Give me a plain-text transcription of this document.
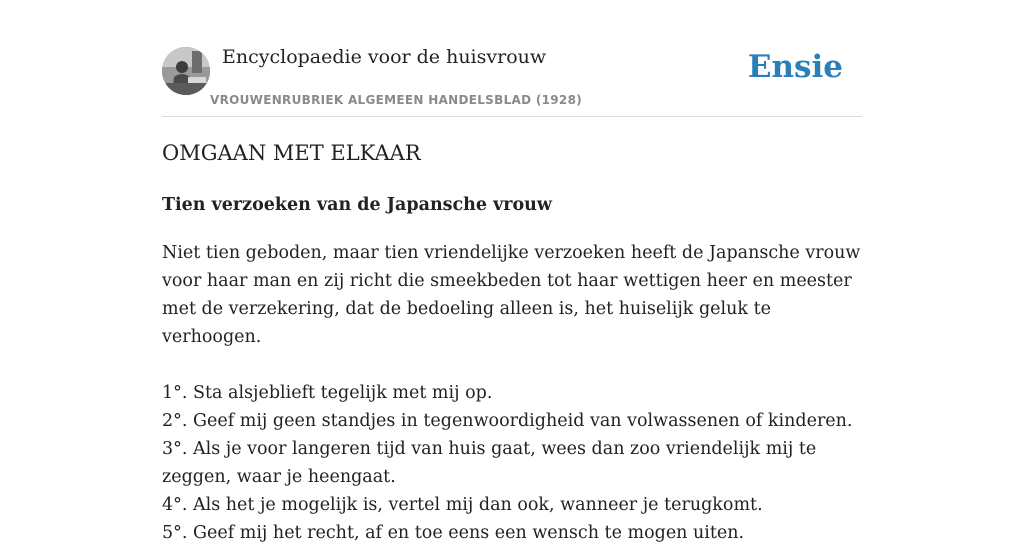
Encyclopaedie voor de huisvrouw
VROUWENRUBRIEK ALGEMEEN HANDELSBLAD (1928)
Ensie
OMGAAN MET ELKAAR
Tien verzoeken van de Japansche vrouw

Niet tien geboden, maar tien vriendelijke verzoeken heeft de Japansche vrouw voor haar man en zij richt die smeekbeden tot haar wettigen heer en meester met de verzekering, dat de bedoeling alleen is, het huiselijk geluk te verhoogen.

1°. Sta alsjeblieft tegelijk met mij op.

2°. Geef mij geen standjes in tegenwoordigheid van volwassenen of kinderen.

3°. Als je voor langeren tijd van huis gaat, wees dan zoo vriendelijk mij te zeggen, waar je heengaat.

4°. Als het je mogelijk is, vertel mij dan ook, wanneer je terugkomt.

5°. Geef mij het recht, af en toe eens een wensch te mogen uiten.
